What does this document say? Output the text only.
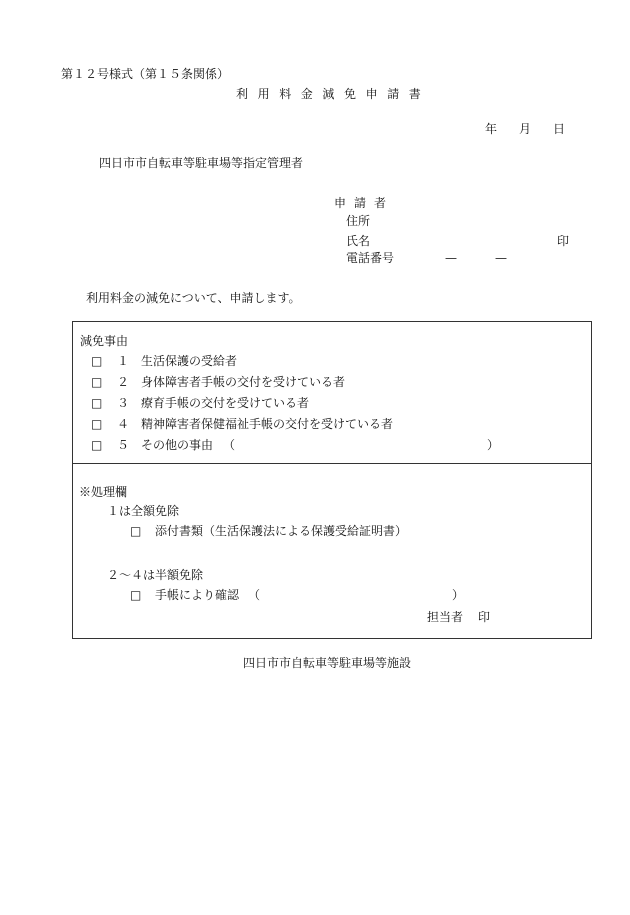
第１２号様式（第１５条関係）
利用料金減免申請書
年 月 日
四日市市自転車等駐車場等指定管理者
申請者
住所
氏名	印
電話番号	—	—
利用料金の減免について、申請します。
減免事由
□ １ 生活保護の受給者
□ ２ 身体障害者手帳の交付を受けている者
□ ３ 療育手帳の交付を受けている者
□ ４ 精神障害者保健福祉手帳の交付を受けている者
□ ５ その他の事由 （	）
※処理欄
１は全額免除
□ 添付書類（生活保護法による保護受給証明書）
２～４は半額免除
□ 手帳により確認 （	）
担当者 印
四日市市自転車等駐車場等施設
